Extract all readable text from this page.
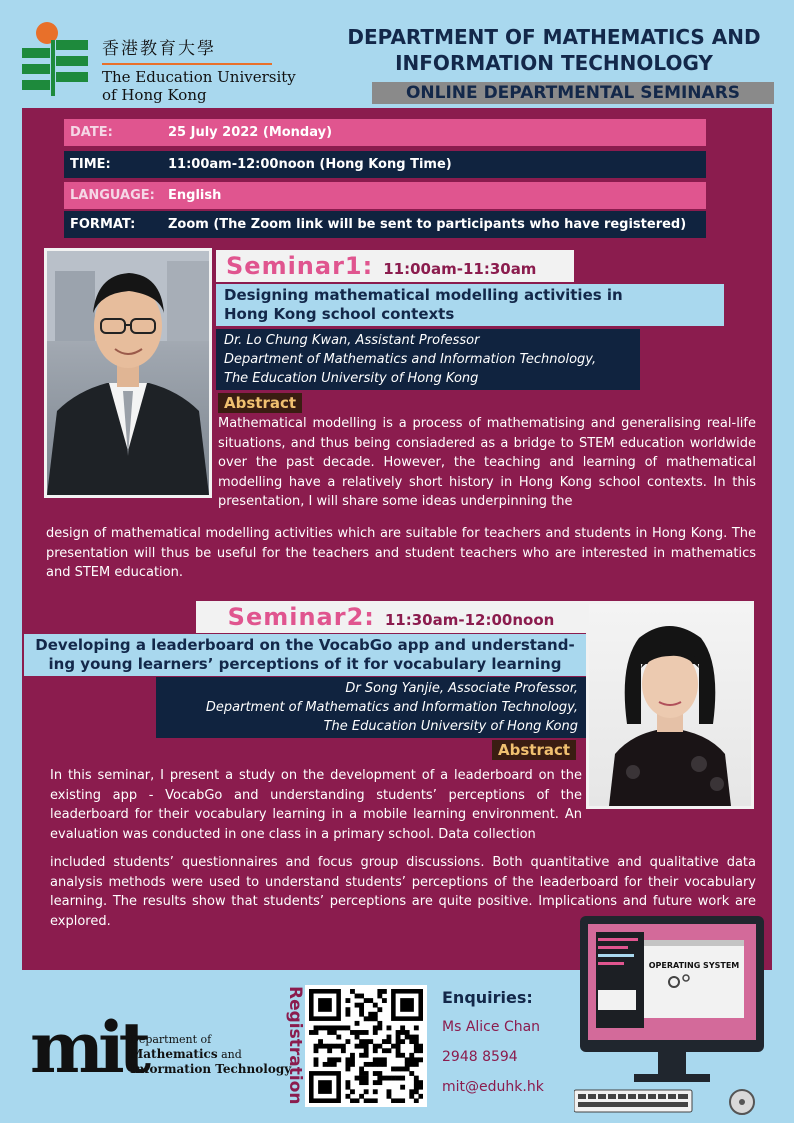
香港教育大學
The Education University
of Hong Kong
DEPARTMENT OF MATHEMATICS AND
INFORMATION TECHNOLOGY
ONLINE DEPARTMENTAL SEMINARS
DATE:	25 July 2022 (Monday)
TIME:	11:00am-12:00noon (Hong Kong Time)
LANGUAGE:	English
FORMAT:	Zoom (The Zoom link will be sent to participants who have registered)
Seminar1: 11:00am-11:30am
Designing mathematical modelling activities in
Hong Kong school contexts
Dr. Lo Chung Kwan, Assistant Professor
Department of Mathematics and Information Technology,
The Education University of Hong Kong
Abstract
Mathematical modelling is a process of mathematising and generalising real-life situations, and thus being consiadered as a bridge to STEM education worldwide over the past decade. However, the teaching and learning of mathematical modelling have a relatively short history in Hong Kong school contexts. In this presentation, I will share some ideas underpinning the
design of mathematical modelling activities which are suitable for teachers and students in Hong Kong. The presentation will thus be useful for the teachers and student teachers who are interested in mathematics and STEM education.
Seminar2: 11:30am-12:00noon
Developing a leaderboard on the VocabGo app and understand-
ing young learners’ perceptions of it for vocabulary learning
Dr Song Yanjie, Associate Professor,
Department of Mathematics and Information Technology,
The Education University of Hong Kong
Abstract
In this seminar, I present a study on the development of a leaderboard on the existing app - VocabGo and understanding students’ perceptions of the leaderboard for their vocabulary learning in a mobile learning environment. An evaluation was conducted in one class in a primary school. Data collection
included students’ questionnaires and focus group discussions. Both quantitative and qualitative data analysis methods were used to understand students’ perceptions of the leaderboard for their vocabulary learning. The results show that students’ perceptions are quite positive. Implications and future work are explored.
mit
Department of
Mathematics and
Information Technology
Registration	Enquiries:
Ms Alice Chan
2948 8594
mit@eduhk.hk
OPERATING SYSTEM
